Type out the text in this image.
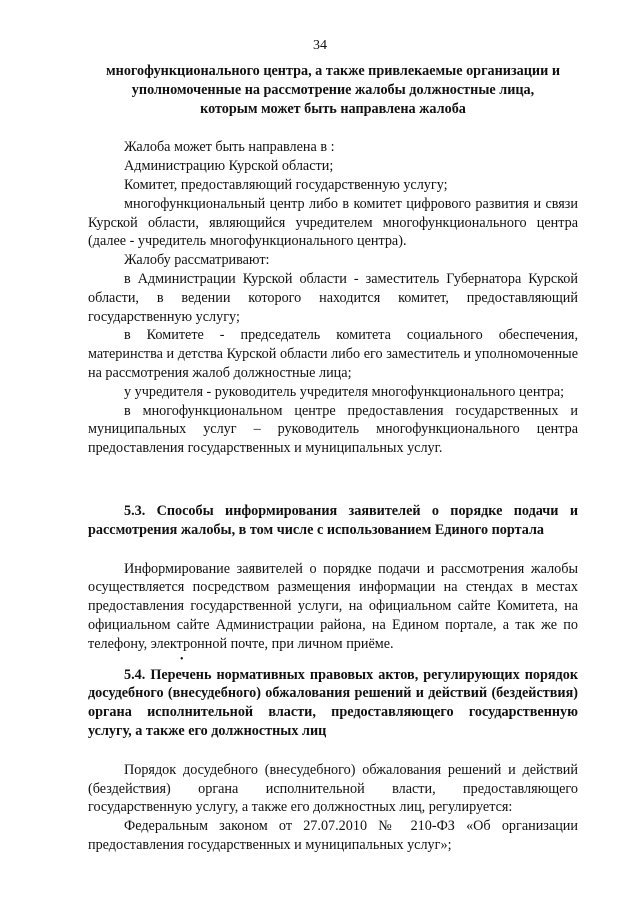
34

многофункционального центра, а также привлекаемые организации и

уполномоченные на рассмотрение жалобы должностные лица,

которым может быть направлена жалоба

Жалоба может быть направлена в :

Администрацию Курской области;

Комитет, предоставляющий государственную услугу;

многофункциональный центр либо в комитет цифрового развития и связи Курской области, являющийся учредителем многофункционального центра (далее - учредитель многофункционального центра).

Жалобу рассматривают:

в Администрации Курской области - заместитель Губернатора Курской области, в ведении которого находится комитет, предоставляющий государственную услугу;

в Комитете - председатель комитета социального обеспечения, материнства и детства Курской области либо его заместитель и уполномоченные на рассмотрения жалоб должностные лица;

у учредителя - руководитель учредителя многофункционального центра;

в многофункциональном центре предоставления государственных и муниципальных услуг – руководитель многофункционального центра предоставления государственных и муниципальных услуг.

5.3. Способы информирования заявителей о порядке подачи и рассмотрения жалобы, в том числе с использованием Единого портала

Информирование заявителей о порядке подачи и рассмотрения жалобы осуществляется посредством размещения информации на стендах в местах предоставления государственной услуги, на официальном сайте Комитета, на официальном сайте Администрации района, на Едином портале, а так же по телефону, электронной почте, при личном приёме.

•

5.4. Перечень нормативных правовых актов, регулирующих порядок досудебного (внесудебного) обжалования решений и действий (бездействия) органа исполнительной власти, предоставляющего государственную услугу, а также его должностных лиц

Порядок досудебного (внесудебного) обжалования решений и действий (бездействия) органа исполнительной власти, предоставляющего государственную услугу, а также его должностных лиц, регулируется:

Федеральным законом от 27.07.2010 № 210-ФЗ «Об организации предоставления государственных и муниципальных услуг»;
